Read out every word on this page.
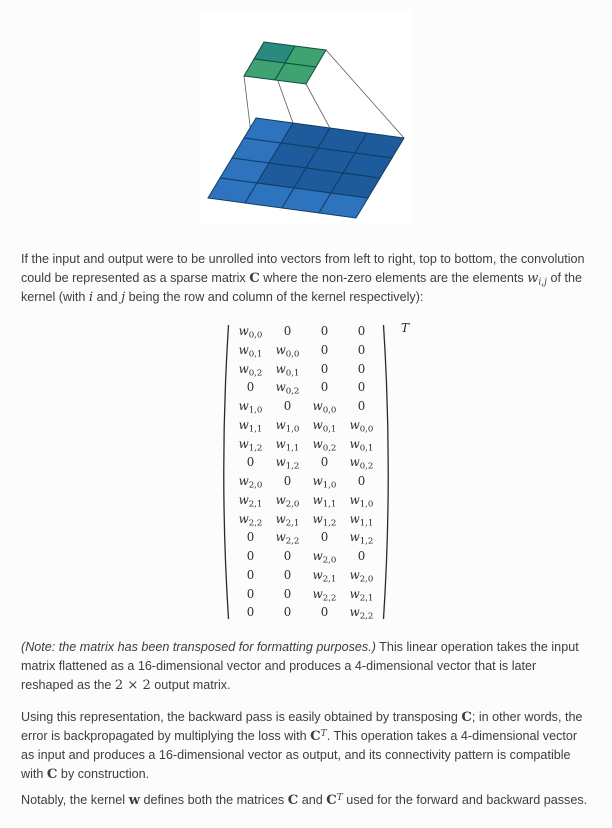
If the input and output were to be unrolled into vectors from left to right, top to bottom, the convolution could be represented as a sparse matrix C where the non-zero elements are the elements $w_{i,j}$ of the kernel (with i and j being the row and column of the kernel respectively):

$w_{0,0}$	0	0	0
$w_{0,1}$	$w_{0,0}$	0	0
$w_{0,2}$	$w_{0,1}$	0	0
0	$w_{0,2}$	0	0
$w_{1,0}$	0	$w_{0,0}$	0
$w_{1,1}$	$w_{1,0}$	$w_{0,1}$	$w_{0,0}$
$w_{1,2}$	$w_{1,1}$	$w_{0,2}$	$w_{0,1}$
0	$w_{1,2}$	0	$w_{0,2}$
$w_{2,0}$	0	$w_{1,0}$	0
$w_{2,1}$	$w_{2,0}$	$w_{1,1}$	$w_{1,0}$
$w_{2,2}$	$w_{2,1}$	$w_{1,2}$	$w_{1,1}$
0	$w_{2,2}$	0	$w_{1,2}$
0	0	$w_{2,0}$	0
0	0	$w_{2,1}$	$w_{2,0}$
0	0	$w_{2,2}$	$w_{2,1}$
0	0	0	$w_{2,2}$
T

(Note: the matrix has been transposed for formatting purposes.) This linear operation takes the input matrix flattened as a 16-dimensional vector and produces a 4-dimensional vector that is later reshaped as the 2 × 2 output matrix.

Using this representation, the backward pass is easily obtained by transposing C; in other words, the error is backpropagated by multiplying the loss with $C^T$. This operation takes a 4-dimensional vector as input and produces a 16-dimensional vector as output, and its connectivity pattern is compatible with C by construction.

Notably, the kernel w defines both the matrices C and $C^T$ used for the forward and backward passes.
